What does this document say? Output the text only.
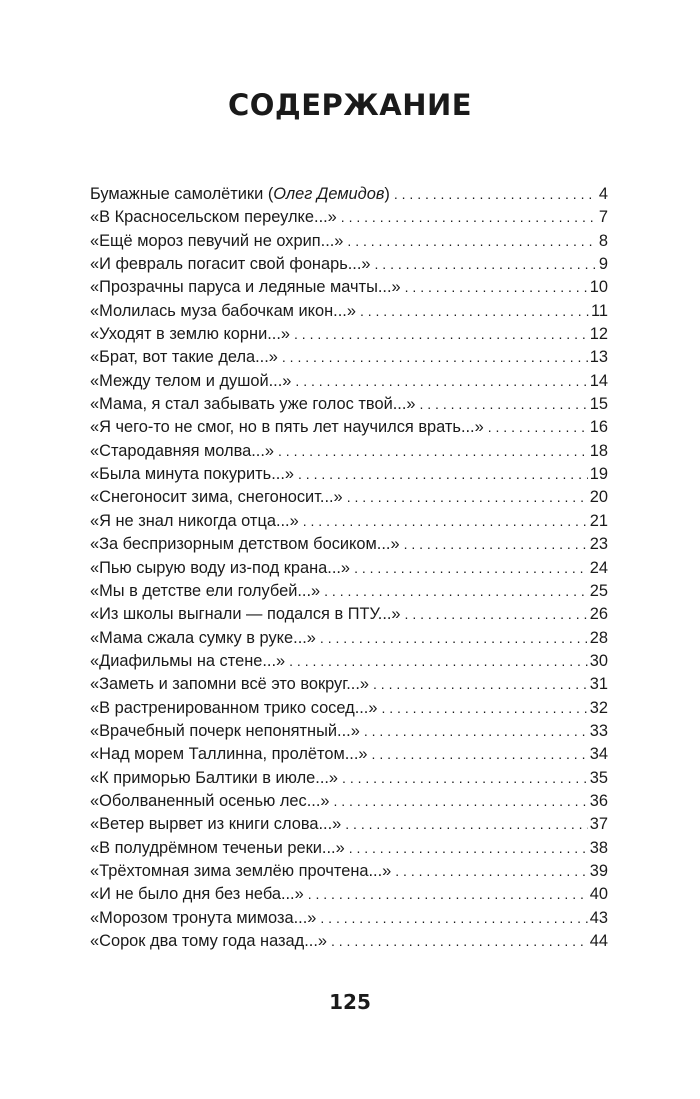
СОДЕРЖАНИЕ
Бумажные самолётики (Олег Демидов) . . .	4
«В Красносельском переулке...» . . .	7
«Ещё мороз певучий не охрип...» . . .	8
«И февраль погасит свой фонарь...» . . .	9
«Прозрачны паруса и ледяные мачты...» . . .	10
«Молилась муза бабочкам икон...» . . .	11
«Уходят в землю корни...» . . .	12
«Брат, вот такие дела...» . . .	13
«Между телом и душой...» . . .	14
«Мама, я стал забывать уже голос твой...» . . .	15
«Я чего-то не смог, но в пять лет научился врать...» . . .	16
«Стародавняя молва...» . . .	18
«Была минута покурить...» . . .	19
«Снегоносит зима, снегоносит...» . . .	20
«Я не знал никогда отца...» . . .	21
«За беспризорным детством босиком...» . . .	23
«Пью сырую воду из-под крана...» . . .	24
«Мы в детстве ели голубей...» . . .	25
«Из школы выгнали — подался в ПТУ...» . . .	26
«Мама сжала сумку в руке...» . . .	28
«Диафильмы на стене...» . . .	30
«Заметь и запомни всё это вокруг...» . . .	31
«В растренированном трико сосед...» . . .	32
«Врачебный почерк непонятный...» . . .	33
«Над морем Таллинна, пролётом...» . . .	34
«К приморью Балтики в июле...» . . .	35
«Оболваненный осенью лес...» . . .	36
«Ветер вырвет из книги слова...» . . .	37
«В полудрёмном теченьи реки...» . . .	38
«Трёхтомная зима землёю прочтена...» . . .	39
«И не было дня без неба...» . . .	40
«Морозом тронута мимоза...» . . .	43
«Сорок два тому года назад...» . . .	44
125
